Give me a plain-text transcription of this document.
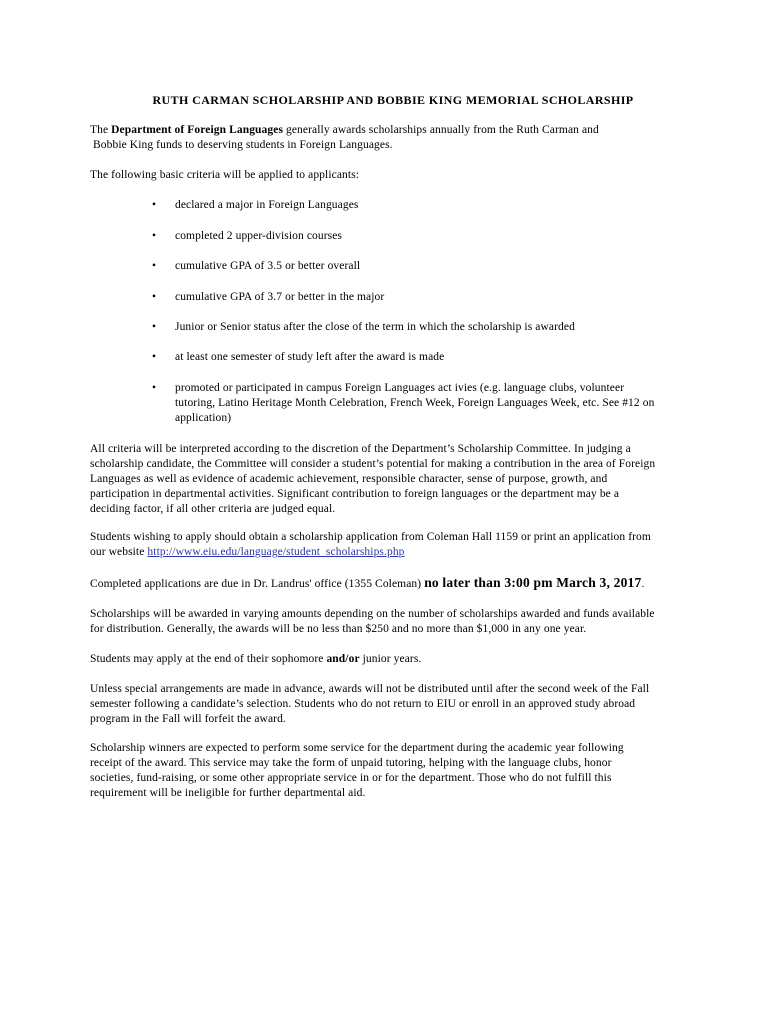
RUTH CARMAN SCHOLARSHIP AND BOBBIE KING MEMORIAL SCHOLARSHIP

The Department of Foreign Languages generally awards scholarships annually from the Ruth Carman and
Bobbie King funds to deserving students in Foreign Languages.

The following basic criteria will be applied to applicants:

•	declared a major in Foreign Languages
•	completed 2 upper-division courses
•	cumulative GPA of 3.5 or better overall
•	cumulative GPA of 3.7 or better in the major
•	Junior or Senior status after the close of the term in which the scholarship is awarded
•	at least one semester of study left after the award is made
•	promoted or participated in campus Foreign Languages act ivies (e.g. language clubs, volunteer
tutoring, Latino Heritage Month Celebration, French Week, Foreign Languages Week, etc. See #12 on
application)

All criteria will be interpreted according to the discretion of the Department’s Scholarship Committee. In judging a
scholarship candidate, the Committee will consider a student’s potential for making a contribution in the area of Foreign
Languages as well as evidence of academic achievement, responsible character, sense of purpose, growth, and
participation in departmental activities. Significant contribution to foreign languages or the department may be a
deciding factor, if all other criteria are judged equal.

Students wishing to apply should obtain a scholarship application from Coleman Hall 1159 or print an application from
our website http://www.eiu.edu/language/student_scholarships.php

Completed applications are due in Dr. Landrus' office (1355 Coleman) no later than 3:00 pm March 3, 2017.

Scholarships will be awarded in varying amounts depending on the number of scholarships awarded and funds available
for distribution. Generally, the awards will be no less than $250 and no more than $1,000 in any one year.

Students may apply at the end of their sophomore and/or junior years.

Unless special arrangements are made in advance, awards will not be distributed until after the second week of the Fall
semester following a candidate’s selection. Students who do not return to EIU or enroll in an approved study abroad
program in the Fall will forfeit the award.

Scholarship winners are expected to perform some service for the department during the academic year following
receipt of the award. This service may take the form of unpaid tutoring, helping with the language clubs, honor
societies, fund-raising, or some other appropriate service in or for the department. Those who do not fulfill this
requirement will be ineligible for further departmental aid.
